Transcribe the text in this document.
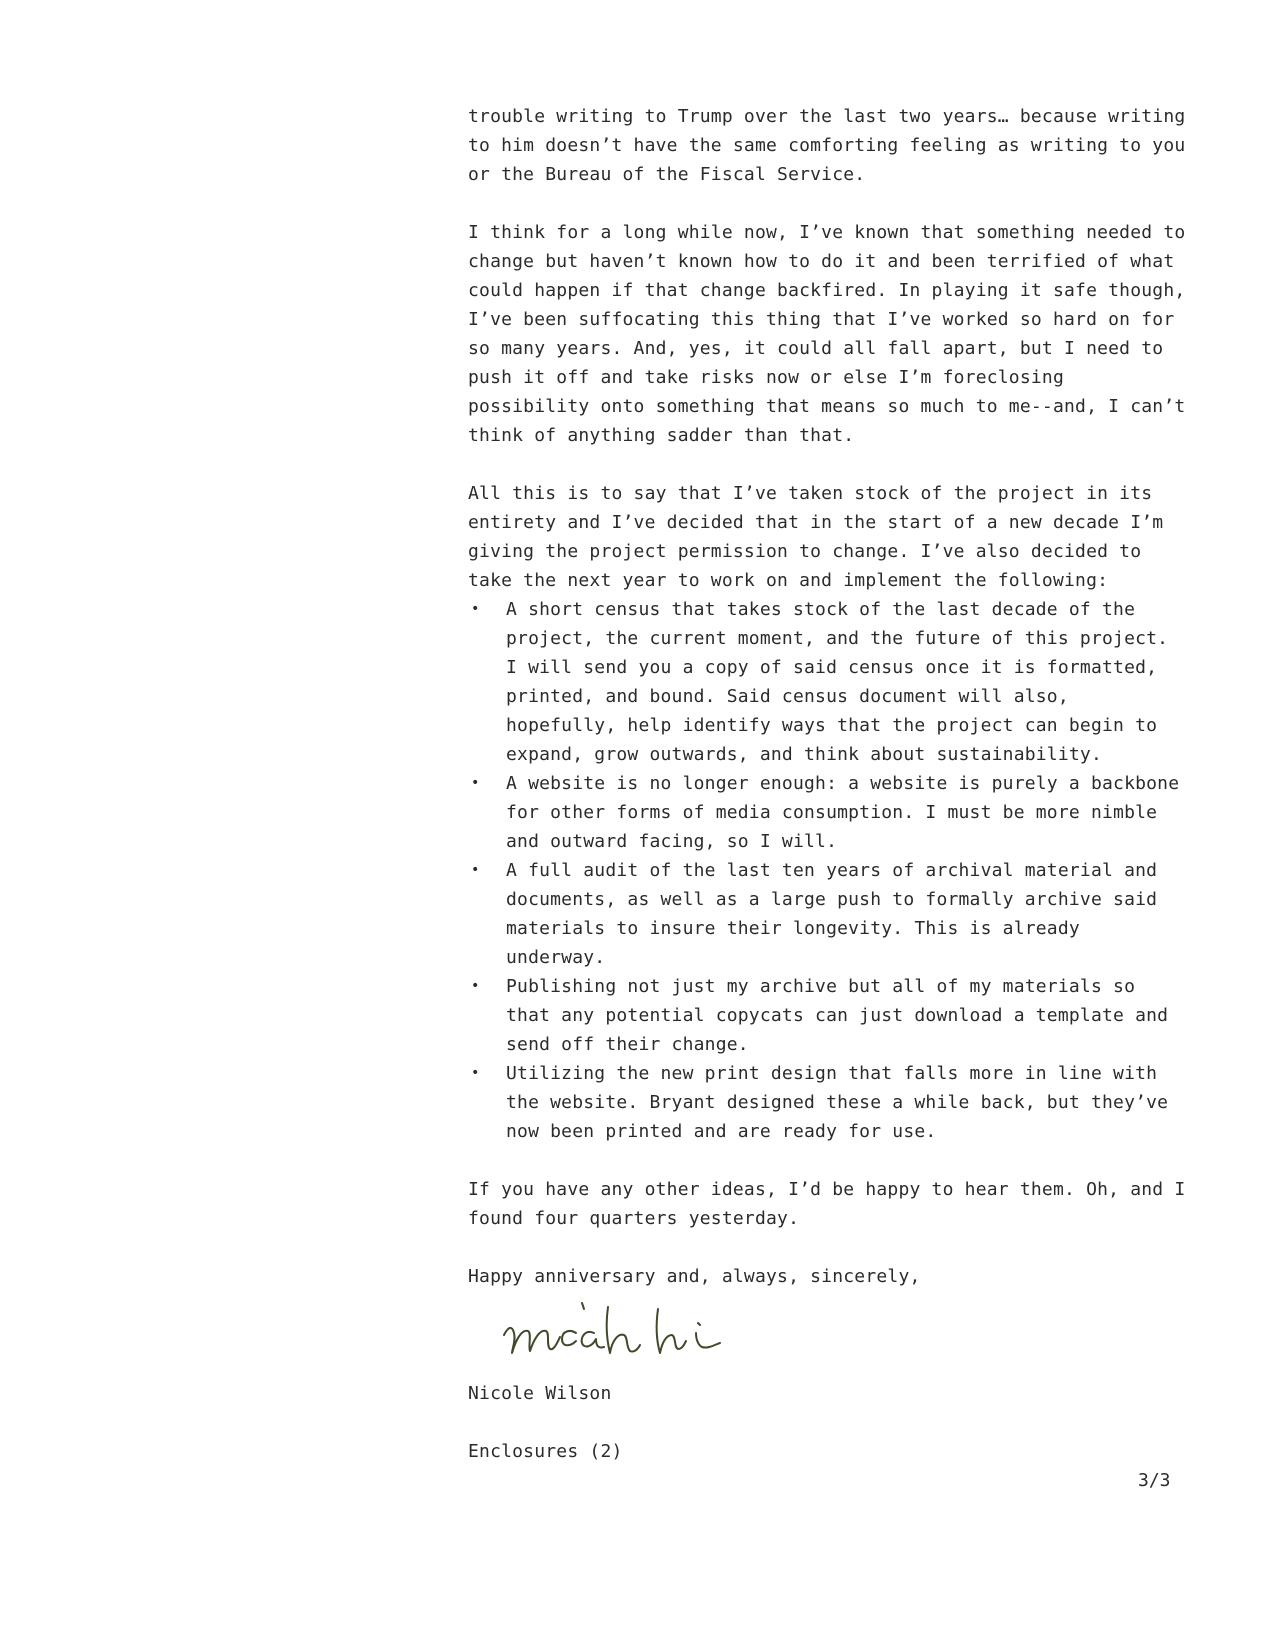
trouble writing to Trump over the last two years… because writing to him doesn’t have the same comforting feeling as writing to you or the Bureau of the Fiscal Service.

I think for a long while now, I’ve known that something needed to change but haven’t known how to do it and been terrified of what could happen if that change backfired. In playing it safe though, I’ve been suffocating this thing that I’ve worked so hard on for so many years. And, yes, it could all fall apart, but I need to push it off and take risks now or else I’m foreclosing possibility onto something that means so much to me--and, I can’t think of anything sadder than that.

All this is to say that I’ve taken stock of the project in its entirety and I’ve decided that in the start of a new decade I’m giving the project permission to change. I’ve also decided to take the next year to work on and implement the following:

• A short census that takes stock of the last decade of the project, the current moment, and the future of this project. I will send you a copy of said census once it is formatted, printed, and bound. Said census document will also, hopefully, help identify ways that the project can begin to expand, grow outwards, and think about sustainability.
• A website is no longer enough: a website is purely a backbone for other forms of media consumption. I must be more nimble and outward facing, so I will.
• A full audit of the last ten years of archival material and documents, as well as a large push to formally archive said materials to insure their longevity. This is already underway.
• Publishing not just my archive but all of my materials so that any potential copycats can just download a template and send off their change.
• Utilizing the new print design that falls more in line with the website. Bryant designed these a while back, but they’ve now been printed and are ready for use.

If you have any other ideas, I’d be happy to hear them. Oh, and I found four quarters yesterday.

Happy anniversary and, always, sincerely,

Nicole Wilson

Enclosures (2)

3/3
